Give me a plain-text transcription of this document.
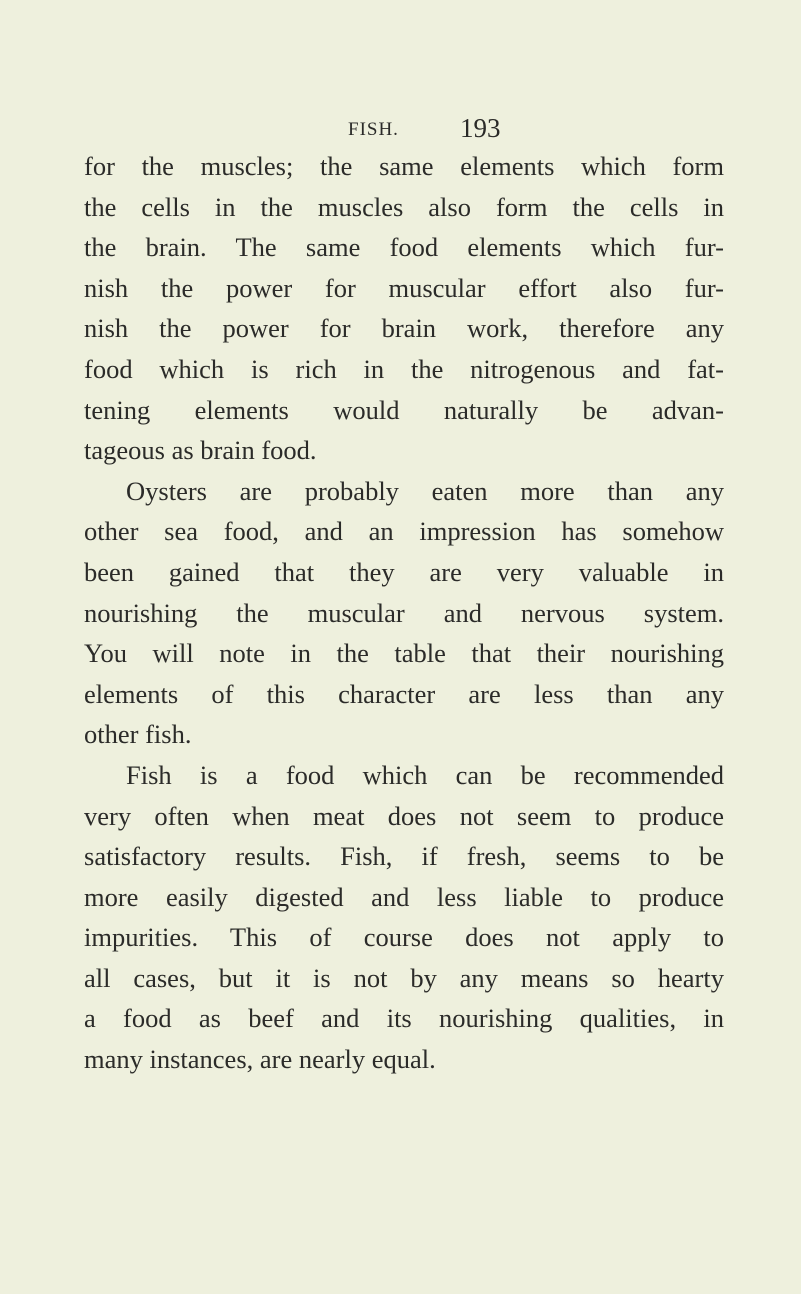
FISH. 193
for the muscles; the same elements which form
the cells in the muscles also form the cells in
the brain. The same food elements which fur-
nish the power for muscular effort also fur-
nish the power for brain work, therefore any
food which is rich in the nitrogenous and fat-
tening elements would naturally be advan-
tageous as brain food.
Oysters are probably eaten more than any
other sea food, and an impression has somehow
been gained that they are very valuable in
nourishing the muscular and nervous system.
You will note in the table that their nourishing
elements of this character are less than any
other fish.
Fish is a food which can be recommended
very often when meat does not seem to produce
satisfactory results. Fish, if fresh, seems to be
more easily digested and less liable to produce
impurities. This of course does not apply to
all cases, but it is not by any means so hearty
a food as beef and its nourishing qualities, in
many instances, are nearly equal.
